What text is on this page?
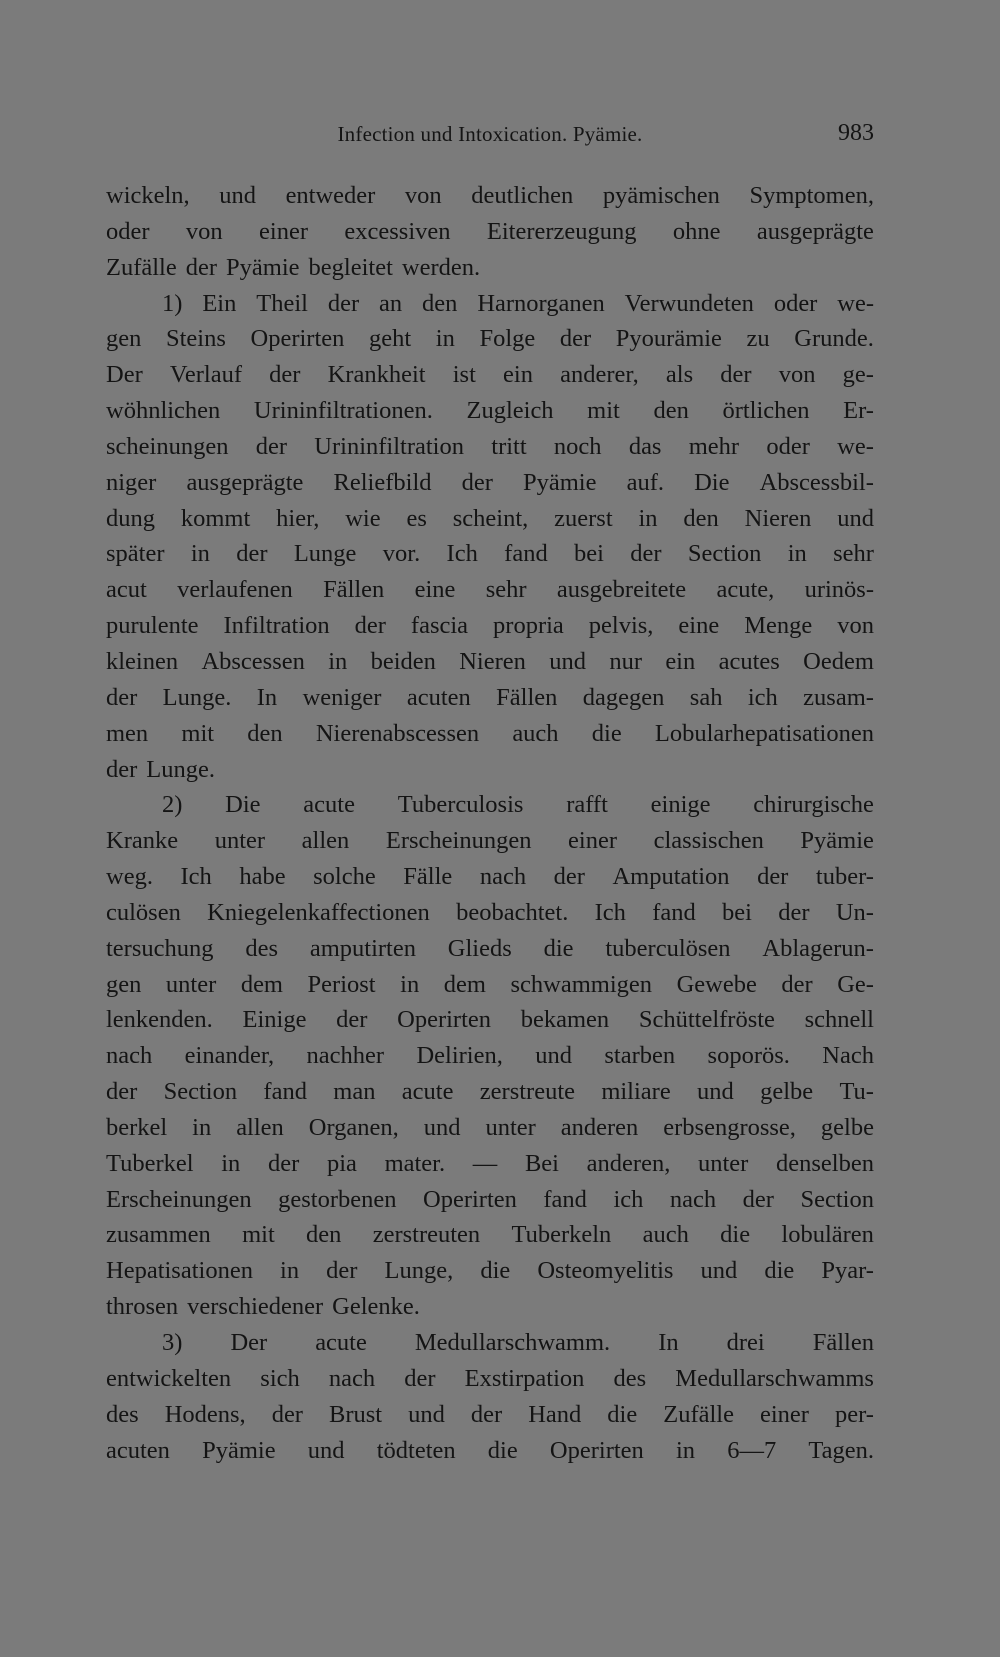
Infection und Intoxication. Pyämie.	983
wickeln, und entweder von deutlichen pyämischen Symptomen,
oder von einer excessiven Eitererzeugung ohne ausgeprägte
Zufälle der Pyämie begleitet werden.
1) Ein Theil der an den Harnorganen Verwundeten oder we-
gen Steins Operirten geht in Folge der Pyourämie zu Grunde.
Der Verlauf der Krankheit ist ein anderer, als der von ge-
wöhnlichen Urininfiltrationen. Zugleich mit den örtlichen Er-
scheinungen der Urininfiltration tritt noch das mehr oder we-
niger ausgeprägte Reliefbild der Pyämie auf. Die Abscessbil-
dung kommt hier, wie es scheint, zuerst in den Nieren und
später in der Lunge vor. Ich fand bei der Section in sehr
acut verlaufenen Fällen eine sehr ausgebreitete acute, urinös-
purulente Infiltration der fascia propria pelvis, eine Menge von
kleinen Abscessen in beiden Nieren und nur ein acutes Oedem
der Lunge. In weniger acuten Fällen dagegen sah ich zusam-
men mit den Nierenabscessen auch die Lobularhepatisationen
der Lunge.
2) Die acute Tuberculosis rafft einige chirurgische
Kranke unter allen Erscheinungen einer classischen Pyämie
weg. Ich habe solche Fälle nach der Amputation der tuber-
culösen Kniegelenkaffectionen beobachtet. Ich fand bei der Un-
tersuchung des amputirten Glieds die tuberculösen Ablagerun-
gen unter dem Periost in dem schwammigen Gewebe der Ge-
lenkenden. Einige der Operirten bekamen Schüttelfröste schnell
nach einander, nachher Delirien, und starben soporös. Nach
der Section fand man acute zerstreute miliare und gelbe Tu-
berkel in allen Organen, und unter anderen erbsengrosse, gelbe
Tuberkel in der pia mater. — Bei anderen, unter denselben
Erscheinungen gestorbenen Operirten fand ich nach der Section
zusammen mit den zerstreuten Tuberkeln auch die lobulären
Hepatisationen in der Lunge, die Osteomyelitis und die Pyar-
throsen verschiedener Gelenke.
3) Der acute Medullarschwamm. In drei Fällen
entwickelten sich nach der Exstirpation des Medullarschwamms
des Hodens, der Brust und der Hand die Zufälle einer per-
acuten Pyämie und tödteten die Operirten in 6—7 Tagen.
